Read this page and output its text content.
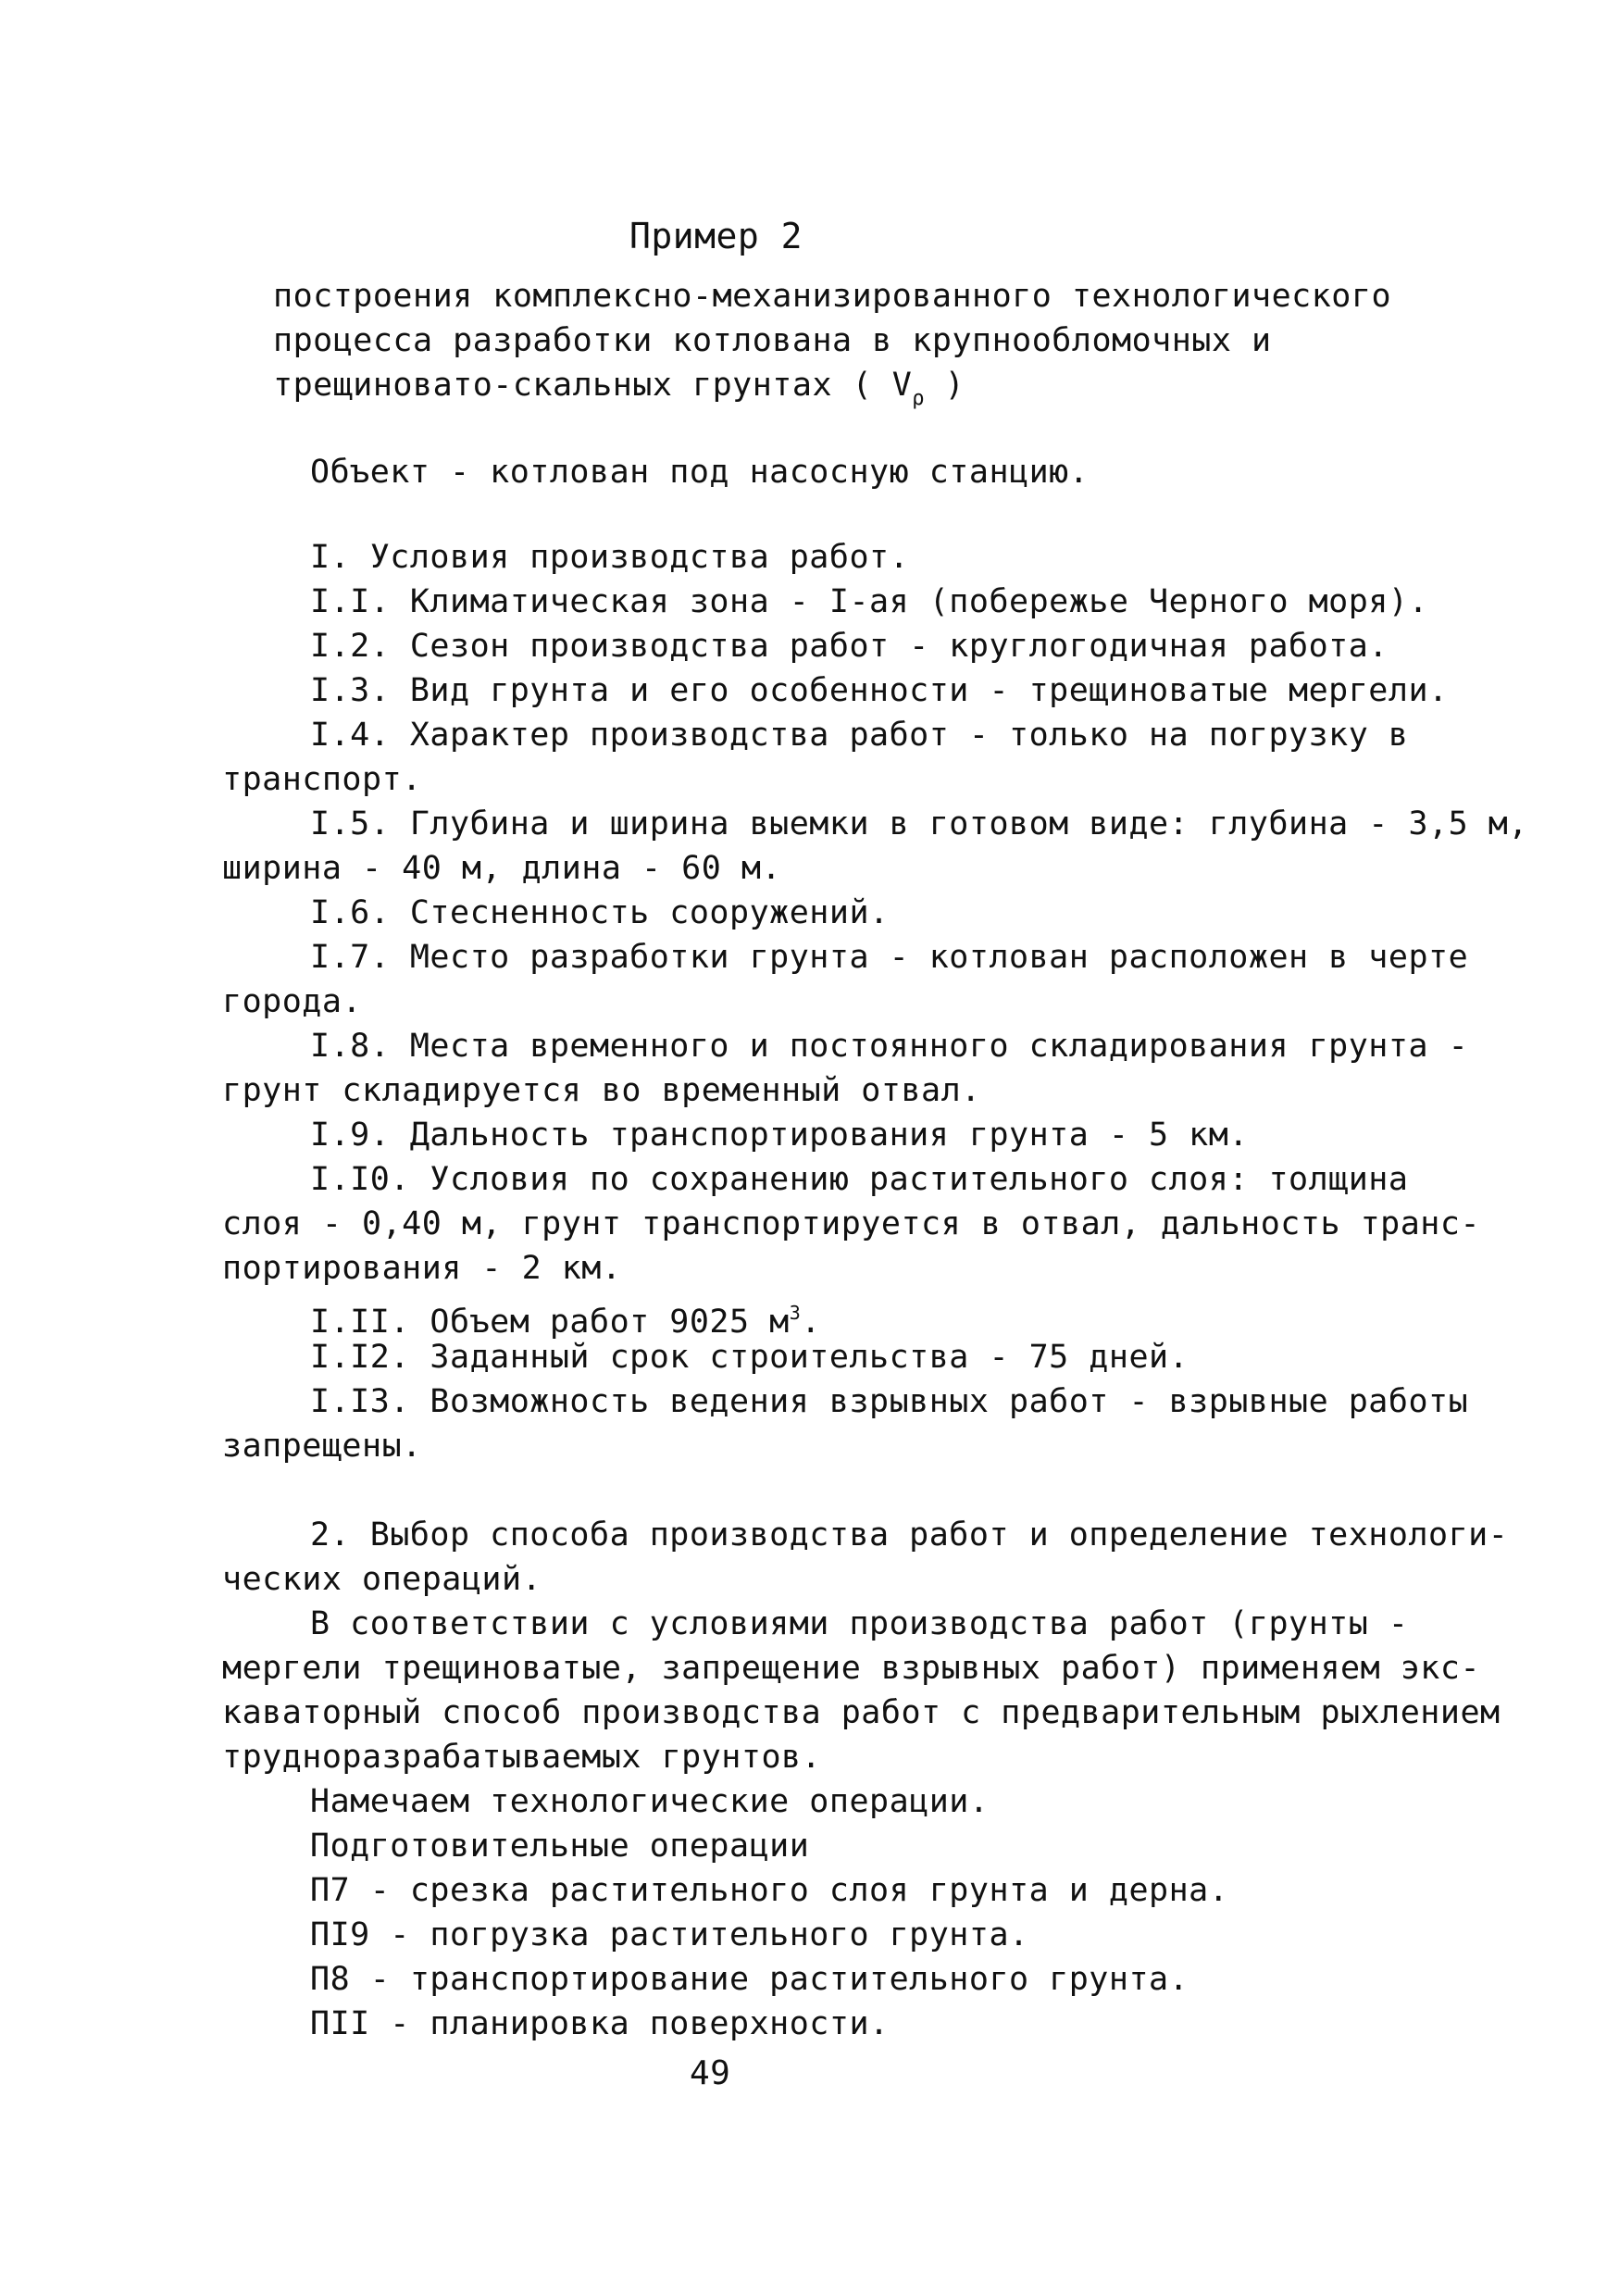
Пример 2
построения комплексно-механизированного технологического
процесса разработки котлована в крупнообломочных и
трещиновато-скальных грунтах ( $V_\rho$ )
Объект - котлован под насосную станцию.
I. Условия производства работ.
I.I. Климатическая зона - I-ая (побережье Черного моря).
I.2. Сезон производства работ - круглогодичная работа.
I.3. Вид грунта и его особенности - трещиноватые мергели.
I.4. Характер производства работ - только на погрузку в
транспорт.
I.5. Глубина и ширина выемки в готовом виде: глубина - 3,5 м,
ширина - 40 м, длина - 60 м.
I.6. Стесненность сооружений.
I.7. Место разработки грунта - котлован расположен в черте
города.
I.8. Места временного и постоянного складирования грунта -
грунт складируется во временный отвал.
I.9. Дальность транспортирования грунта - 5 км.
I.I0. Условия по сохранению растительного слоя: толщина
слоя - 0,40 м, грунт транспортируется в отвал, дальность транс-
портирования - 2 км.
I.II. Объем работ 9025 $м^3$.
I.I2. Заданный срок строительства - 75 дней.
I.I3. Возможность ведения взрывных работ - взрывные работы
запрещены.
2. Выбор способа производства работ и определение технологи-
ческих операций.
В соответствии с условиями производства работ (грунты -
мергели трещиноватые, запрещение взрывных работ) применяем экс-
каваторный способ производства работ с предварительным рыхлением
трудноразрабатываемых грунтов.
Намечаем технологические операции.
Подготовительные операции
П7 - срезка растительного слоя грунта и дерна.
ПI9 - погрузка растительного грунта.
П8 - транспортирование растительного грунта.
ПII - планировка поверхности.
49
